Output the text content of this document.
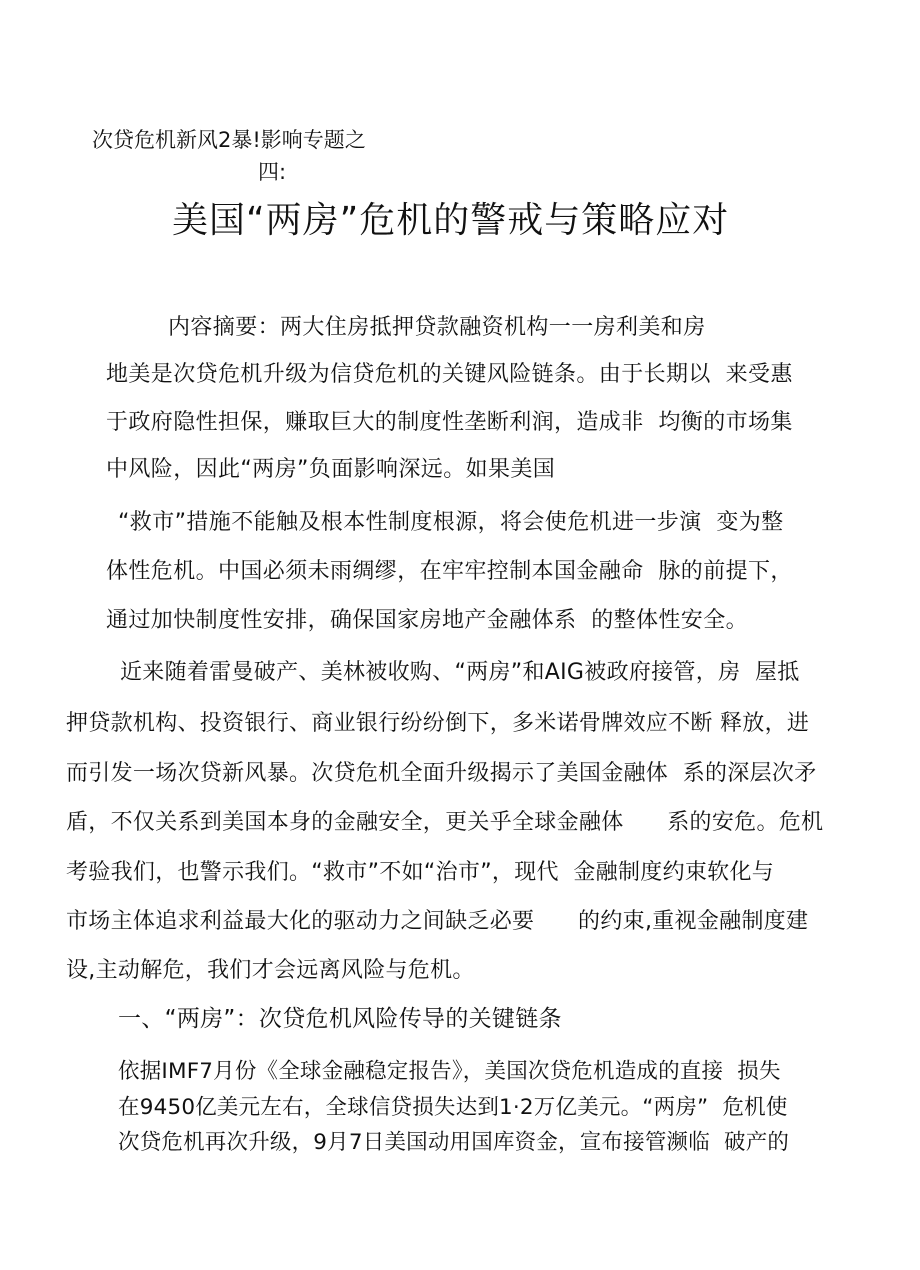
次贷危机新风2暴!影响专题之

四:

美国“两房”危机的警戒与策略应对

内容摘要：两大住房抵押贷款融资机构一一房利美和房

地美是次贷危机升级为信贷危机的关键风险链条。由于长期以  来受惠

于政府隐性担保，赚取巨大的制度性垄断利润，造成非  均衡的市场集

中风险，因此“两房”负面影响深远。如果美国

“救市”措施不能触及根本性制度根源，将会使危机进一步演  变为整

体性危机。中国必须未雨绸缪，在牢牢控制本国金融命  脉的前提下，

通过加快制度性安排，确保国家房地产金融体系  的整体性安全。

近来随着雷曼破产、美林被收购、“两房”和AIG被政府接管，房  屋抵

押贷款机构、投资银行、商业银行纷纷倒下，多米诺骨牌效应不断 释放，进

而引发一场次贷新风暴。次贷危机全面升级揭示了美国金融体  系的深层次矛

盾，不仅关系到美国本身的金融安全，更关乎全球金融体      系的安危。危机

考验我们，也警示我们。“救市”不如“治市”，现代  金融制度约束软化与

市场主体追求利益最大化的驱动力之间缺乏必要      的约束,重视金融制度建

设,主动解危，我们才会远离风险与危机。

一、“两房”：次贷危机风险传导的关键链条

依据IMF7月份《全球金融稳定报告》，美国次贷危机造成的直接  损失

在9450亿美元左右，全球信贷损失达到1·2万亿美元。“两房”  危机使

次贷危机再次升级，9月7日美国动用国库资金，宣布接管濒临  破产的
